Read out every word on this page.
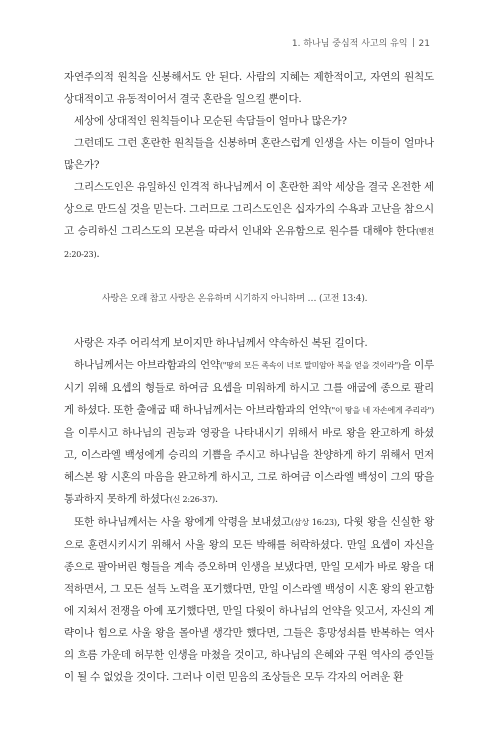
1. 하나님 중심적 사고의 유익 21

자연주의적 원칙을 신봉해서도 안 된다. 사람의 지혜는 제한적이고, 자연의 원칙도 상대적이고 유동적이어서 결국 혼란을 일으킬 뿐이다.

세상에 상대적인 원칙들이나 모순된 속담들이 얼마나 많은가?

그런데도 그런 혼란한 원칙들을 신봉하며 혼란스럽게 인생을 사는 이들이 얼마나 많은가?

그리스도인은 유일하신 인격적 하나님께서 이 혼란한 죄악 세상을 결국 온전한 세상으로 만드실 것을 믿는다. 그러므로 그리스도인은 십자가의 수욕과 고난을 참으시고 승리하신 그리스도의 모본을 따라서 인내와 온유함으로 원수를 대해야 한다(벧전 2:20-23).

사랑은 오래 참고 사랑은 온유하며 시기하지 아니하며 … (고전 13:4).

사랑은 자주 어리석게 보이지만 하나님께서 약속하신 복된 길이다.

하나님께서는 아브라함과의 언약("땅의 모든 족속이 너로 말미암아 복을 얻을 것이라")을 이루시기 위해 요셉의 형들로 하여금 요셉을 미워하게 하시고 그를 애굽에 종으로 팔리게 하셨다. 또한 출애굽 때 하나님께서는 아브라함과의 언약("이 땅을 네 자손에게 주리라")을 이루시고 하나님의 권능과 영광을 나타내시기 위해서 바로 왕을 완고하게 하셨고, 이스라엘 백성에게 승리의 기쁨을 주시고 하나님을 찬양하게 하기 위해서 먼저 헤스본 왕 시혼의 마음을 완고하게 하시고, 그로 하여금 이스라엘 백성이 그의 땅을 통과하지 못하게 하셨다(신 2:26-37).

또한 하나님께서는 사울 왕에게 악령을 보내셨고(삼상 16:23), 다윗 왕을 신실한 왕으로 훈련시키시기 위해서 사울 왕의 모든 박해를 허락하셨다. 만일 요셉이 자신을 종으로 팔아버린 형들을 계속 증오하며 인생을 보냈다면, 만일 모세가 바로 왕을 대적하면서, 그 모든 설득 노력을 포기했다면, 만일 이스라엘 백성이 시혼 왕의 완고함에 지쳐서 전쟁을 아예 포기했다면, 만일 다윗이 하나님의 언약을 잊고서, 자신의 계략이나 힘으로 사울 왕을 몰아낼 생각만 했다면, 그들은 흥망성쇠를 반복하는 역사의 흐름 가운데 허무한 인생을 마쳤을 것이고, 하나님의 은혜와 구원 역사의 증인들이 될 수 없었을 것이다. 그러나 이런 믿음의 조상들은 모두 각자의 어려운 환
